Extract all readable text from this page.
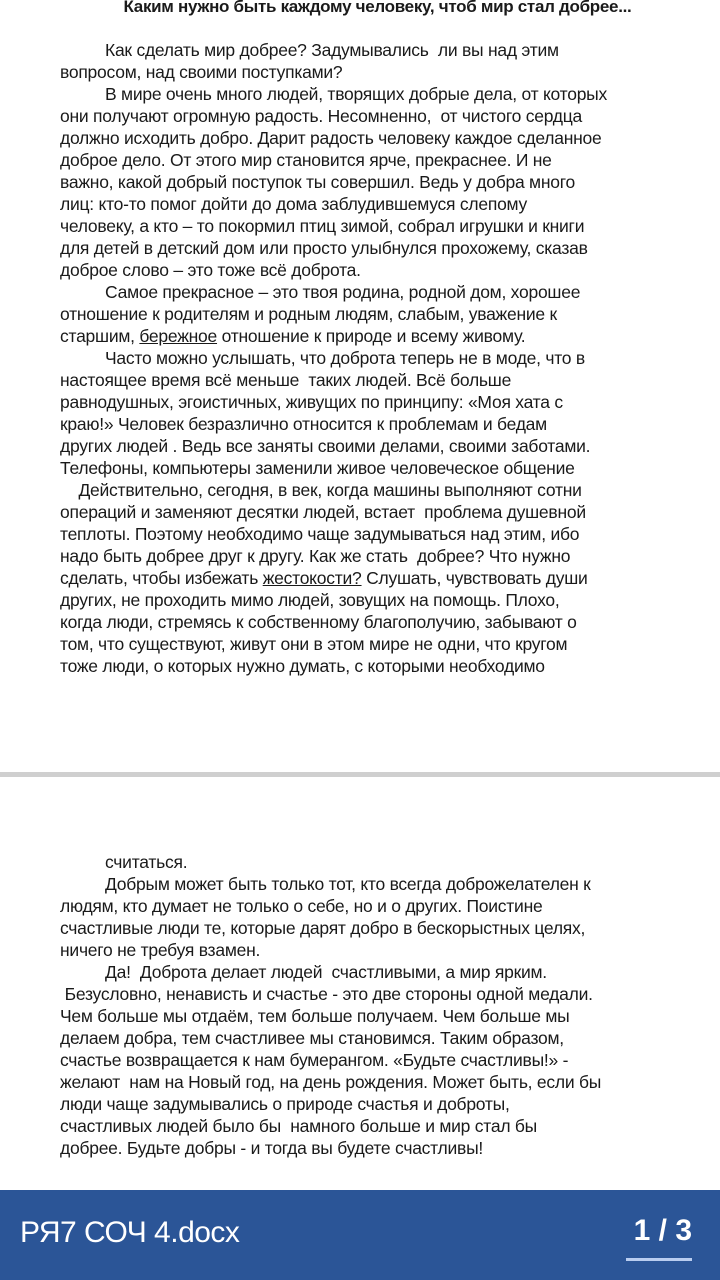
Каким нужно быть каждому человеку, чтоб мир стал добрее...
Как сделать мир добрее? Задумывались  ли вы над этим
вопросом, над своими поступками?
В мире очень много людей, творящих добрые дела, от которых
они получают огромную радость. Несомненно,  от чистого сердца
должно исходить добро. Дарит радость человеку каждое сделанное
доброе дело. От этого мир становится ярче, прекраснее. И не
важно, какой добрый поступок ты совершил. Ведь у добра много
лиц: кто-то помог дойти до дома заблудившемуся слепому
человеку, а кто – то покормил птиц зимой, собрал игрушки и книги
для детей в детский дом или просто улыбнулся прохожему, сказав
доброе слово – это тоже всё доброта.
Самое прекрасное – это твоя родина, родной дом, хорошее
отношение к родителям и родным людям, слабым, уважение к
старшим, бережное отношение к природе и всему живому.
Часто можно услышать, что доброта теперь не в моде, что в
настоящее время всё меньше  таких людей. Всё больше
равнодушных, эгоистичных, живущих по принципу: «Моя хата с
краю!» Человек безразлично относится к проблемам и бедам
других людей . Ведь все заняты своими делами, своими заботами.
Телефоны, компьютеры заменили живое человеческое общение
Действительно, сегодня, в век, когда машины выполняют сотни
операций и заменяют десятки людей, встает  проблема душевной
теплоты. Поэтому необходимо чаще задумываться над этим, ибо
надо быть добрее друг к другу. Как же стать  добрее? Что нужно
сделать, чтобы избежать жестокости? Слушать, чувствовать души
других, не проходить мимо людей, зовущих на помощь. Плохо,
когда люди, стремясь к собственному благополучию, забывают о
том, что существуют, живут они в этом мире не одни, что кругом
тоже люди, о которых нужно думать, с которыми необходимо
считаться.
Добрым может быть только тот, кто всегда доброжелателен к
людям, кто думает не только о себе, но и о других. Поистине
счастливые люди те, которые дарят добро в бескорыстных целях,
ничего не требуя взамен.
Да!  Доброта делает людей  счастливыми, а мир ярким.
Безусловно, ненависть и счастье - это две стороны одной медали.
Чем больше мы отдаём, тем больше получаем. Чем больше мы
делаем добра, тем счастливее мы становимся. Таким образом,
счастье возвращается к нам бумерангом. «Будьте счастливы!» -
желают  нам на Новый год, на день рождения. Может быть, если бы
люди чаще задумывались о природе счастья и доброты,
счастливых людей было бы  намного больше и мир стал бы
добрее. Будьте добры - и тогда вы будете счастливы!
РЯ7 СОЧ 4.docx	1 / 3
